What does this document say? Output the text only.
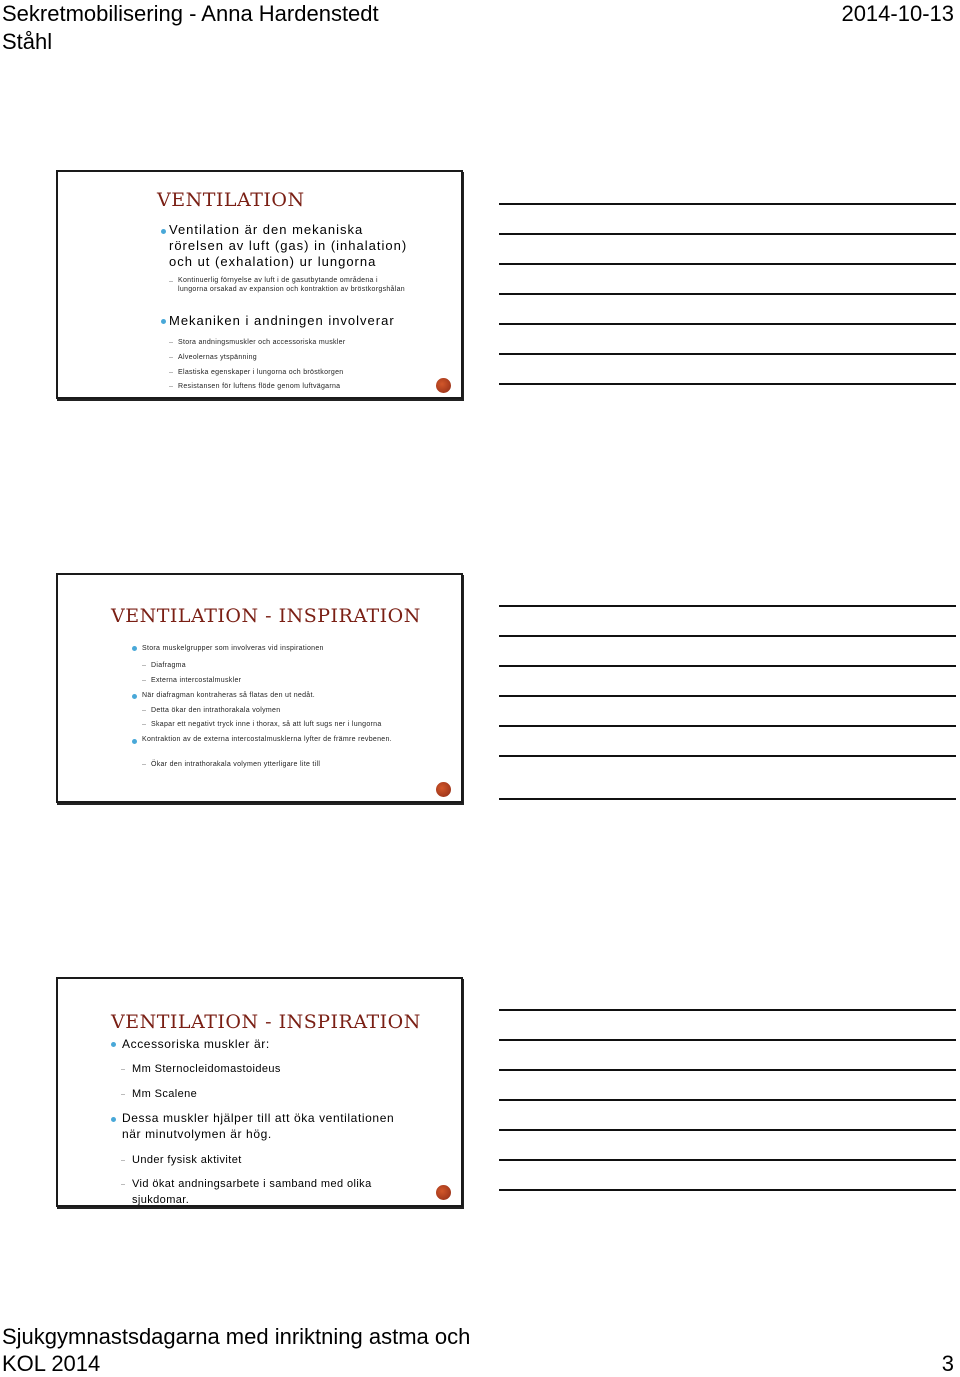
Sekretmobilisering - Anna Hardenstedt Ståhl
2014-10-13
VENTILATION
Ventilation är den mekaniska rörelsen av luft (gas) in (inhalation) och ut (exhalation) ur lungorna
Kontinuerlig förnyelse av luft i de gasutbytande områdena i lungorna orsakad av expansion och kontraktion av bröstkorgshålan
Mekaniken i andningen involverar
Stora andningsmuskler och accessoriska muskler
Alveolernas ytspänning
Elastiska egenskaper i lungorna och bröstkorgen
Resistansen för luftens flöde genom luftvägarna
VENTILATION - INSPIRATION
Stora muskelgrupper som involveras vid inspirationen
Diafragma
Externa intercostalmuskler
När diafragman kontraheras så flatas den ut nedåt.
Detta ökar den intrathorakala volymen
Skapar ett negativt tryck inne i thorax, så att luft sugs ner i lungorna
Kontraktion av de externa intercostalmusklerna lyfter de främre revbenen.
Ökar den intrathorakala volymen ytterligare lite till
VENTILATION - INSPIRATION
Accessoriska muskler är:
Mm Sternocleidomastoideus
Mm Scalene
Dessa muskler hjälper till att öka ventilationen när minutvolymen är hög.
Under fysisk aktivitet
Vid ökat andningsarbete i samband med olika sjukdomar.
Sjukgymnastsdagarna med inriktning astma och KOL 2014	3
